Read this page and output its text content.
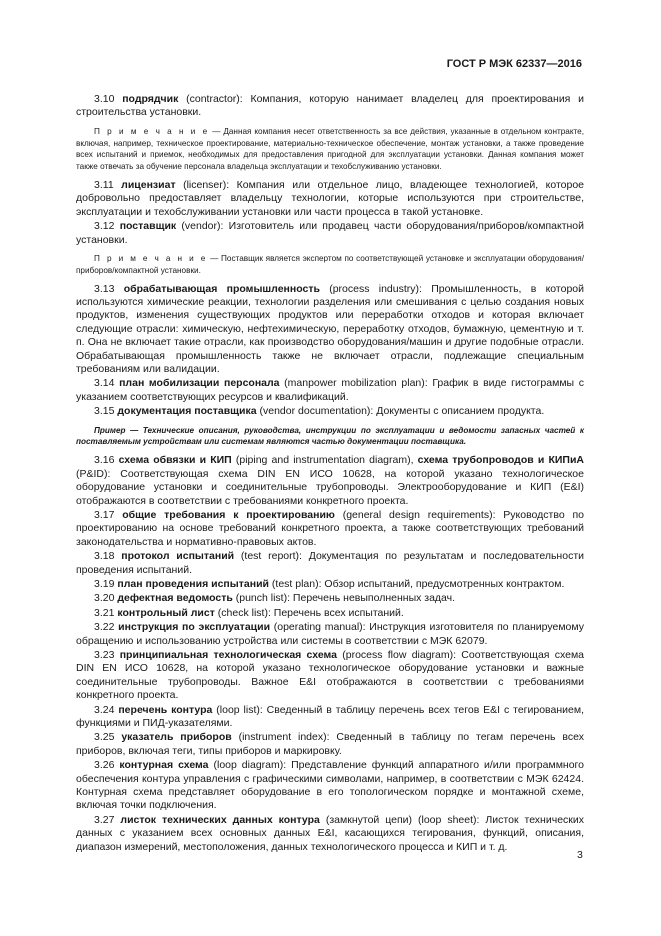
ГОСТ Р МЭК 62337—2016

3.10 подрядчик (contractor): Компания, которую нанимает владелец для проектирования и строительства установки.

П р и м е ч а н и е — Данная компания несет ответственность за все действия, указанные в отдельном контракте, включая, например, техническое проектирование, материально-техническое обеспечение, монтаж установки, а также проведение всех испытаний и приемок, необходимых для предоставления пригодной для эксплуатации установки. Данная компания может также отвечать за обучение персонала владельца эксплуатации и техобслуживанию установки.

3.11 лицензиат (licenser): Компания или отдельное лицо, владеющее технологией, которое добровольно предоставляет владельцу технологии, которые используются при строительстве, эксплуатации и техобслуживании установки или части процесса в такой установке.

3.12 поставщик (vendor): Изготовитель или продавец части оборудования/приборов/компактной установки.

П р и м е ч а н и е — Поставщик является экспертом по соответствующей установке и эксплуатации оборудования/приборов/компактной установки.

3.13 обрабатывающая промышленность (process industry): Промышленность, в которой используются химические реакции, технологии разделения или смешивания с целью создания новых продуктов, изменения существующих продуктов или переработки отходов и которая включает следующие отрасли: химическую, нефтехимическую, переработку отходов, бумажную, цементную и т. п. Она не включает такие отрасли, как производство оборудования/машин и другие подобные отрасли. Обрабатывающая промышленность также не включает отрасли, подлежащие специальным требованиям или валидации.

3.14 план мобилизации персонала (manpower mobilization plan): График в виде гистограммы с указанием соответствующих ресурсов и квалификаций.

3.15 документация поставщика (vendor documentation): Документы с описанием продукта.

Пример — Технические описания, руководства, инструкции по эксплуатации и ведомости запасных частей к поставляемым устройствам или системам являются частью документации поставщика.

3.16 схема обвязки и КИП (piping and instrumentation diagram), схема трубопроводов и КИПиА (P&ID): Соответствующая схема DIN EN ИСО 10628, на которой указано технологическое оборудование установки и соединительные трубопроводы. Электрооборудование и КИП (E&I) отображаются в соответствии с требованиями конкретного проекта.

3.17 общие требования к проектированию (general design requirements): Руководство по проектированию на основе требований конкретного проекта, а также соответствующих требований законодательства и нормативно-правовых актов.

3.18 протокол испытаний (test report): Документация по результатам и последовательности проведения испытаний.

3.19 план проведения испытаний (test plan): Обзор испытаний, предусмотренных контрактом.

3.20 дефектная ведомость (punch list): Перечень невыполненных задач.

3.21 контрольный лист (check list): Перечень всех испытаний.

3.22 инструкция по эксплуатации (operating manual): Инструкция изготовителя по планируемому обращению и использованию устройства или системы в соответствии с МЭК 62079.

3.23 принципиальная технологическая схема (process flow diagram): Соответствующая схема DIN EN ИСО 10628, на которой указано технологическое оборудование установки и важные соединительные трубопроводы. Важное E&I отображаются в соответствии с требованиями конкретного проекта.

3.24 перечень контура (loop list): Сведенный в таблицу перечень всех тегов E&I с тегированием, функциями и ПИД-указателями.

3.25 указатель приборов (instrument index): Сведенный в таблицу по тегам перечень всех приборов, включая теги, типы приборов и маркировку.

3.26 контурная схема (loop diagram): Представление функций аппаратного и/или программного обеспечения контура управления с графическими символами, например, в соответствии с МЭК 62424. Контурная схема представляет оборудование в его топологическом порядке и монтажной схеме, включая точки подключения.

3.27 листок технических данных контура (замкнутой цепи) (loop sheet): Листок технических данных с указанием всех основных данных E&I, касающихся тегирования, функций, описания, диапазон измерений, местоположения, данных технологического процесса и КИП и т. д.

3
